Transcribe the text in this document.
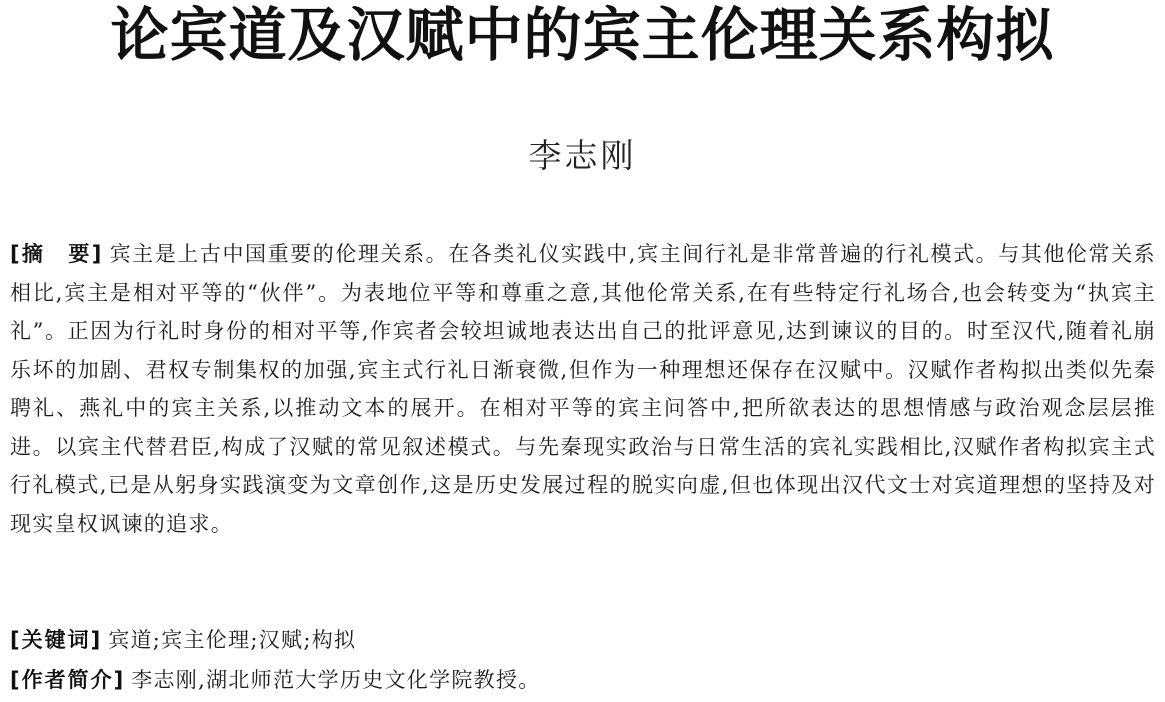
论宾道及汉赋中的宾主伦理关系构拟
李志刚
[摘　要] 宾主是上古中国重要的伦理关系。在各类礼仪实践中,宾主间行礼是非常普遍的行礼模式。与其他伦常关系相比,宾主是相对平等的“伙伴”。为表地位平等和尊重之意,其他伦常关系,在有些特定行礼场合,也会转变为“执宾主礼”。正因为行礼时身份的相对平等,作宾者会较坦诚地表达出自己的批评意见,达到谏议的目的。时至汉代,随着礼崩乐坏的加剧、君权专制集权的加强,宾主式行礼日渐衰微,但作为一种理想还保存在汉赋中。汉赋作者构拟出类似先秦聘礼、燕礼中的宾主关系,以推动文本的展开。在相对平等的宾主问答中,把所欲表达的思想情感与政治观念层层推进。以宾主代替君臣,构成了汉赋的常见叙述模式。与先秦现实政治与日常生活的宾礼实践相比,汉赋作者构拟宾主式行礼模式,已是从躬身实践演变为文章创作,这是历史发展过程的脱实向虚,但也体现出汉代文士对宾道理想的坚持及对现实皇权讽谏的追求。
[关键词] 宾道;宾主伦理;汉赋;构拟
[作者简介] 李志刚,湖北师范大学历史文化学院教授。
